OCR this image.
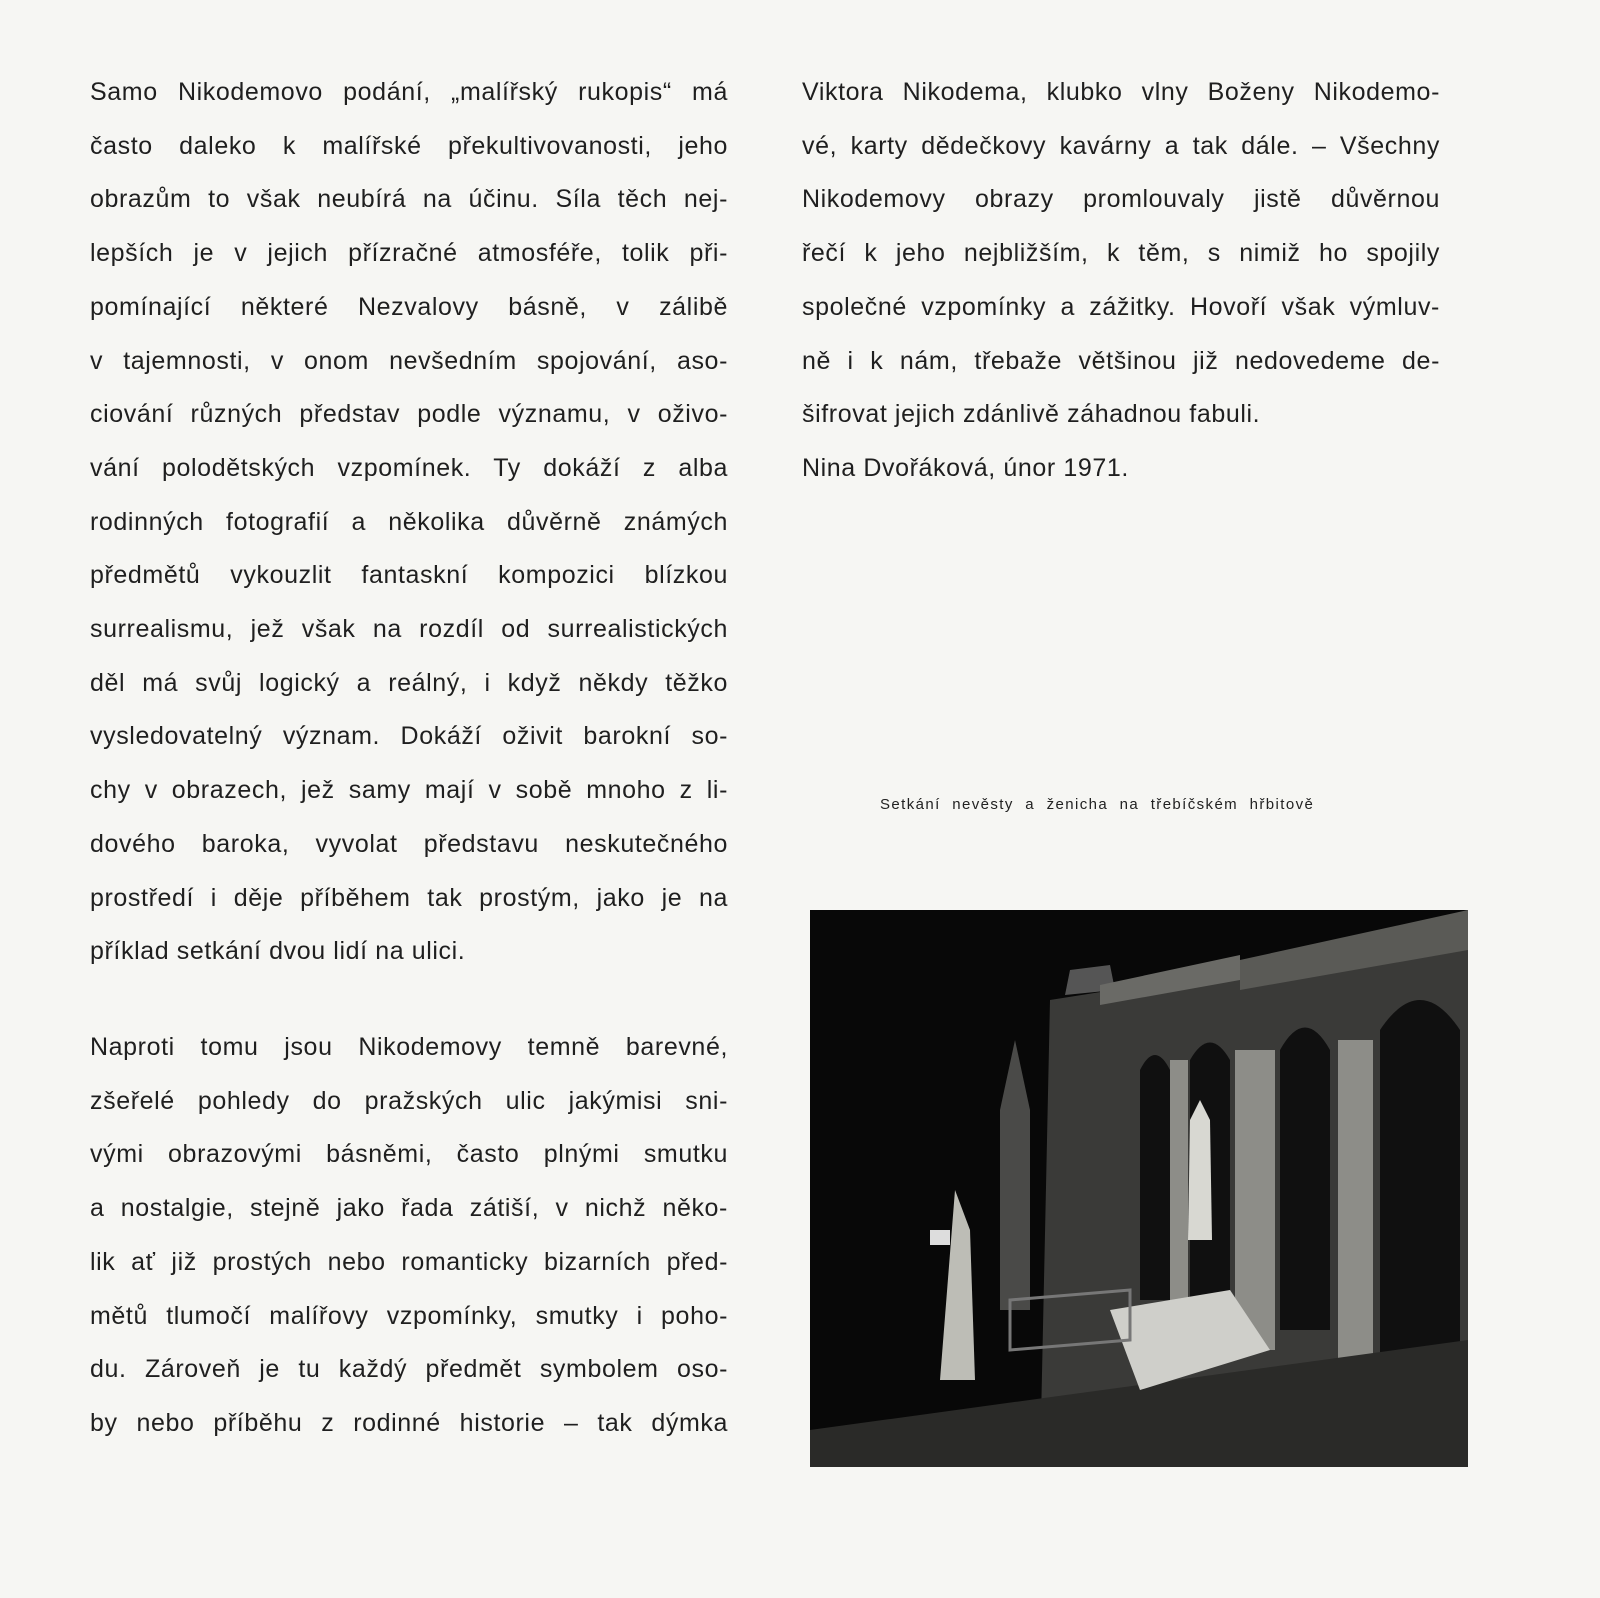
Samo Nikodemovo podání, „malířský rukopis“ má
často daleko k malířské překultivovanosti, jeho
obrazům to však neubírá na účinu. Síla těch nej-
lepších je v jejich přízračné atmosféře, tolik při-
pomínající některé Nezvalovy básně, v zálibě
v tajemnosti, v onom nevšedním spojování, aso-
ciování různých představ podle významu, v oživo-
vání polodětských vzpomínek. Ty dokáží z alba
rodinných fotografií a několika důvěrně známých
předmětů vykouzlit fantaskní kompozici blízkou
surrealismu, jež však na rozdíl od surrealistických
děl má svůj logický a reálný, i když někdy těžko
vysledovatelný význam. Dokáží oživit barokní so-
chy v obrazech, jež samy mají v sobě mnoho z li-
dového baroka, vyvolat představu neskutečného
prostředí i děje příběhem tak prostým, jako je na
příklad setkání dvou lidí na ulici.
Naproti tomu jsou Nikodemovy temně barevné,
zšeřelé pohledy do pražských ulic jakýmisi sni-
vými obrazovými básněmi, často plnými smutku
a nostalgie, stejně jako řada zátiší, v nichž něko-
lik ať již prostých nebo romanticky bizarních před-
mětů tlumočí malířovy vzpomínky, smutky i poho-
du. Zároveň je tu každý předmět symbolem oso-
by nebo příběhu z rodinné historie – tak dýmka
Viktora Nikodema, klubko vlny Boženy Nikodemo-
vé, karty dědečkovy kavárny a tak dále. – Všechny
Nikodemovy obrazy promlouvaly jistě důvěrnou
řečí k jeho nejbližším, k těm, s nimiž ho spojily
společné vzpomínky a zážitky. Hovoří však výmluv-
ně i k nám, třebaže většinou již nedovedeme de-
šifrovat jejich zdánlivě záhadnou fabuli.
Nina Dvořáková, únor 1971.
Setkání nevěsty a ženicha na třebíčském hřbitově
